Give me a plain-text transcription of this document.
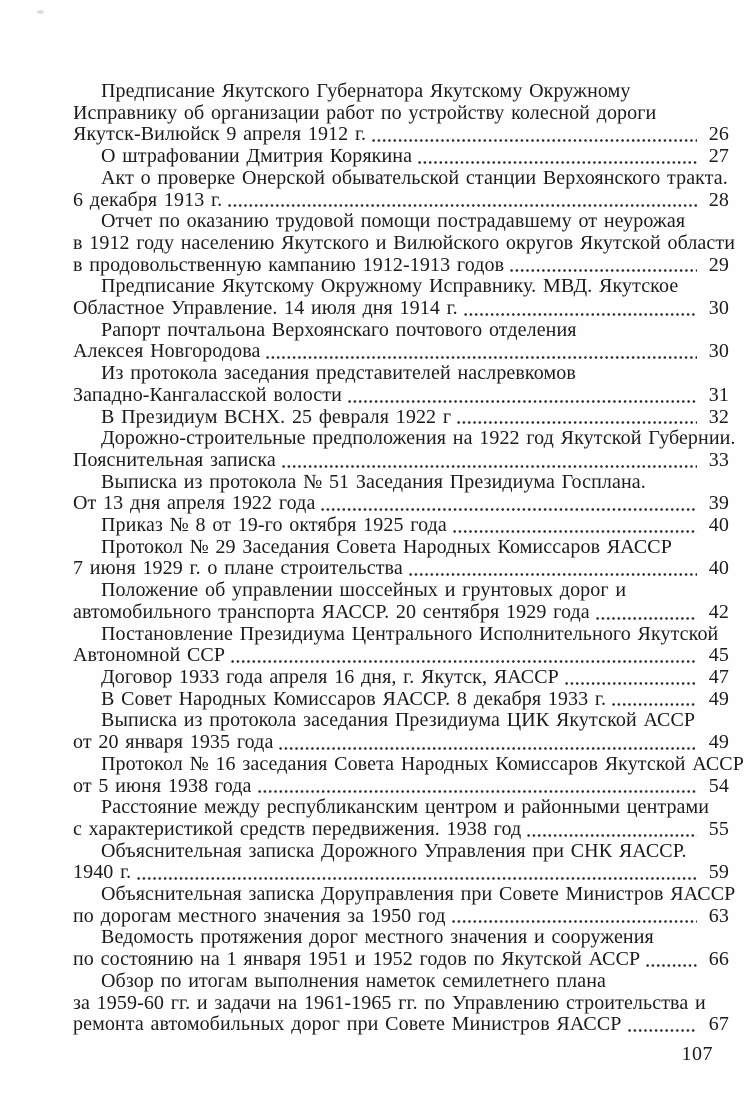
Предписание Якутского Губернатора Якутскому Окружному
Исправнику об организации работ по устройству колесной дороги
Якутск-Вилюйск 9 апреля 1912 г.	26
О штрафовании Дмитрия Корякина	27
Акт о проверке Онерской обывательской станции Верхоянского тракта.
6 декабря 1913 г.	28
Отчет по оказанию трудовой помощи пострадавшему от неурожая
в 1912 году населению Якутского и Вилюйского округов Якутской области
в продовольственную кампанию 1912-1913 годов	29
Предписание Якутскому Окружному Исправнику. МВД. Якутское
Областное Управление. 14 июля дня 1914 г.	30
Рапорт почтальона Верхоянскаго почтового отделения
Алексея Новгородова	30
Из протокола заседания представителей наслревкомов
Западно-Кангаласской волости	31
В Президиум ВСНХ. 25 февраля 1922 г	32
Дорожно-строительные предположения на 1922 год Якутской Губернии.
Пояснительная записка	33
Выписка из протокола № 51 Заседания Президиума Госплана.
От 13 дня апреля 1922 года	39
Приказ № 8 от 19-го октября 1925 года	40
Протокол № 29 Заседания Совета Народных Комиссаров ЯАССР
7 июня 1929 г. о плане строительства	40
Положение об управлении шоссейных и грунтовых дорог и
автомобильного транспорта ЯАССР. 20 сентября 1929 года	42
Постановление Президиума Центрального Исполнительного Якутской
Автономной ССР	45
Договор 1933 года апреля 16 дня, г. Якутск, ЯАССР	47
В Совет Народных Комиссаров ЯАССР. 8 декабря 1933 г.	49
Выписка из протокола заседания Президиума ЦИК Якутской АССР
от 20 января 1935 года	49
Протокол № 16 заседания Совета Народных Комиссаров Якутской АССР
от 5 июня 1938 года	54
Расстояние между республиканским центром и районными центрами
с характеристикой средств передвижения. 1938 год	55
Объяснительная записка Дорожного Управления при СНК ЯАССР.
1940 г.	59
Объяснительная записка Доруправления при Совете Министров ЯАССР
по дорогам местного значения за 1950 год	63
Ведомость протяжения дорог местного значения и сооружения
по состоянию на 1 января 1951 и 1952 годов по Якутской АССР	66
Обзор по итогам выполнения наметок семилетнего плана
за 1959-60 гг. и задачи на 1961-1965 гг. по Управлению строительства и
ремонта автомобильных дорог при Совете Министров ЯАССР	67
107
